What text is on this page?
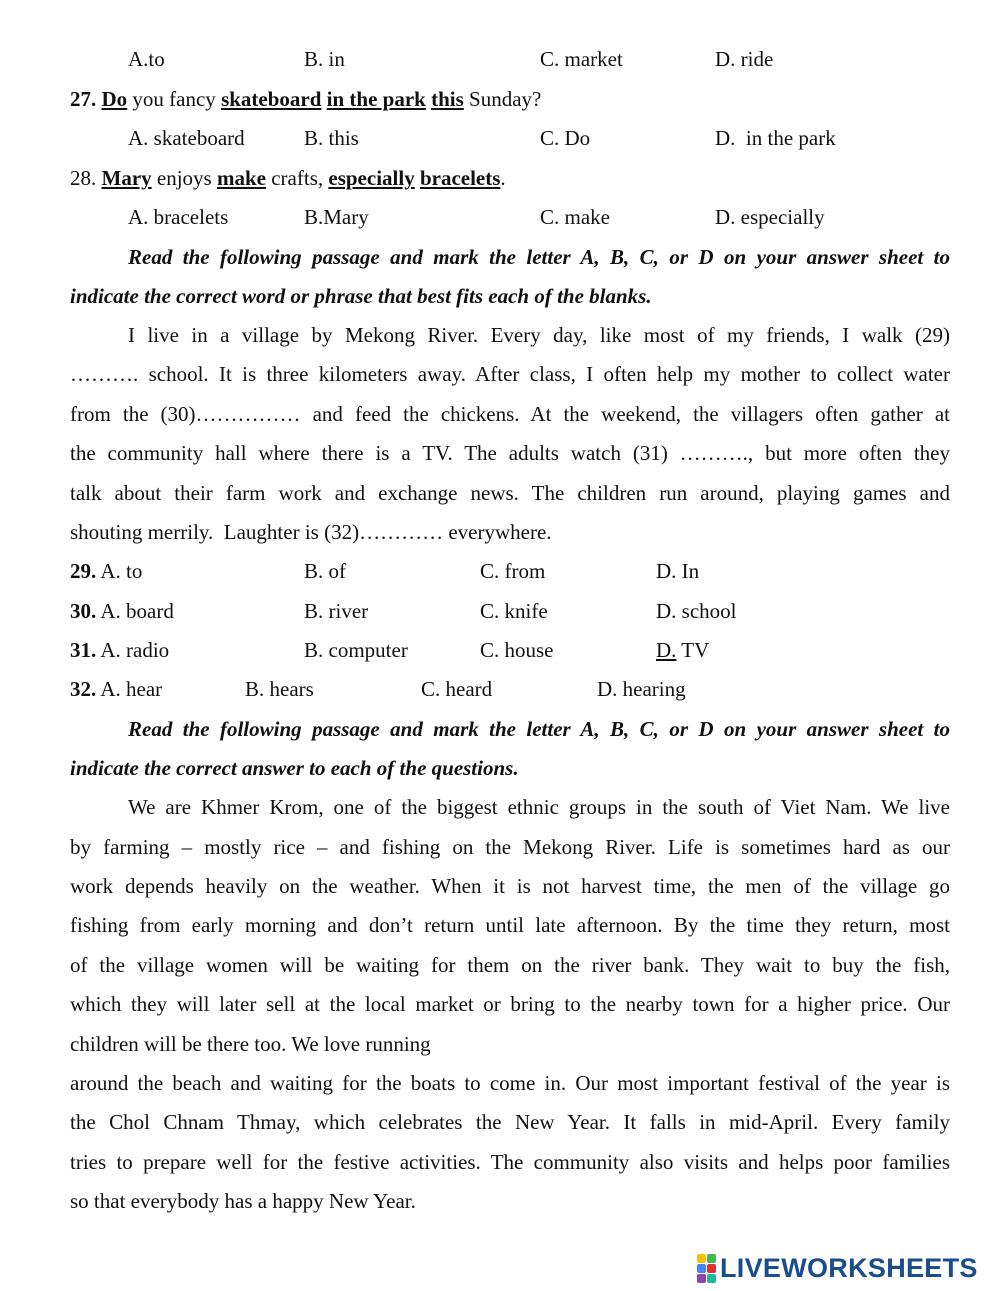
A.to	B. in	C. market	D. ride
27. Do you fancy skateboard in the park this Sunday?
A. skateboard	B. this	C. Do	D.  in the park
28. Mary enjoys make crafts, especially bracelets.
A. bracelets	B.Mary	C. make	D. especially
Read the following passage and mark the letter A, B, C, or D on your answer sheet to
indicate the correct word or phrase that best fits each of the blanks.
I live in a village by Mekong River. Every day, like most of my friends, I walk (29)
………. school. It is three kilometers away. After class, I often help my mother to collect water
from the (30)…………… and feed the chickens. At the weekend, the villagers often gather at
the community hall where there is a TV. The adults watch (31) ………., but more often they
talk about their farm work and exchange news. The children run around, playing games and
shouting merrily.  Laughter is (32)………… everywhere.
29. A. to	B. of	C. from	D. In
30. A. board	B. river	C. knife	D. school
31. A. radio	B. computer	C. house	D. TV
32. A. hear	B. hears	C. heard	D. hearing
Read the following passage and mark the letter A, B, C, or D on your answer sheet to
indicate the correct answer to each of the questions.
We are Khmer Krom, one of the biggest ethnic groups in the south of Viet Nam. We live
by farming – mostly rice – and fishing on the Mekong River. Life is sometimes hard as our
work depends heavily on the weather. When it is not harvest time, the men of the village go
fishing from early morning and don’t return until late afternoon. By the time they return, most
of the village women will be waiting for them on the river bank. They wait to buy the fish,
which they will later sell at the local market or bring to the nearby town for a higher price. Our
children will be there too. We love running
around the beach and waiting for the boats to come in. Our most important festival of the year is
the Chol Chnam Thmay, which celebrates the New Year. It falls in mid-April. Every family
tries to prepare well for the festive activities. The community also visits and helps poor families
so that everybody has a happy New Year.
LIVEWORKSHEETS
